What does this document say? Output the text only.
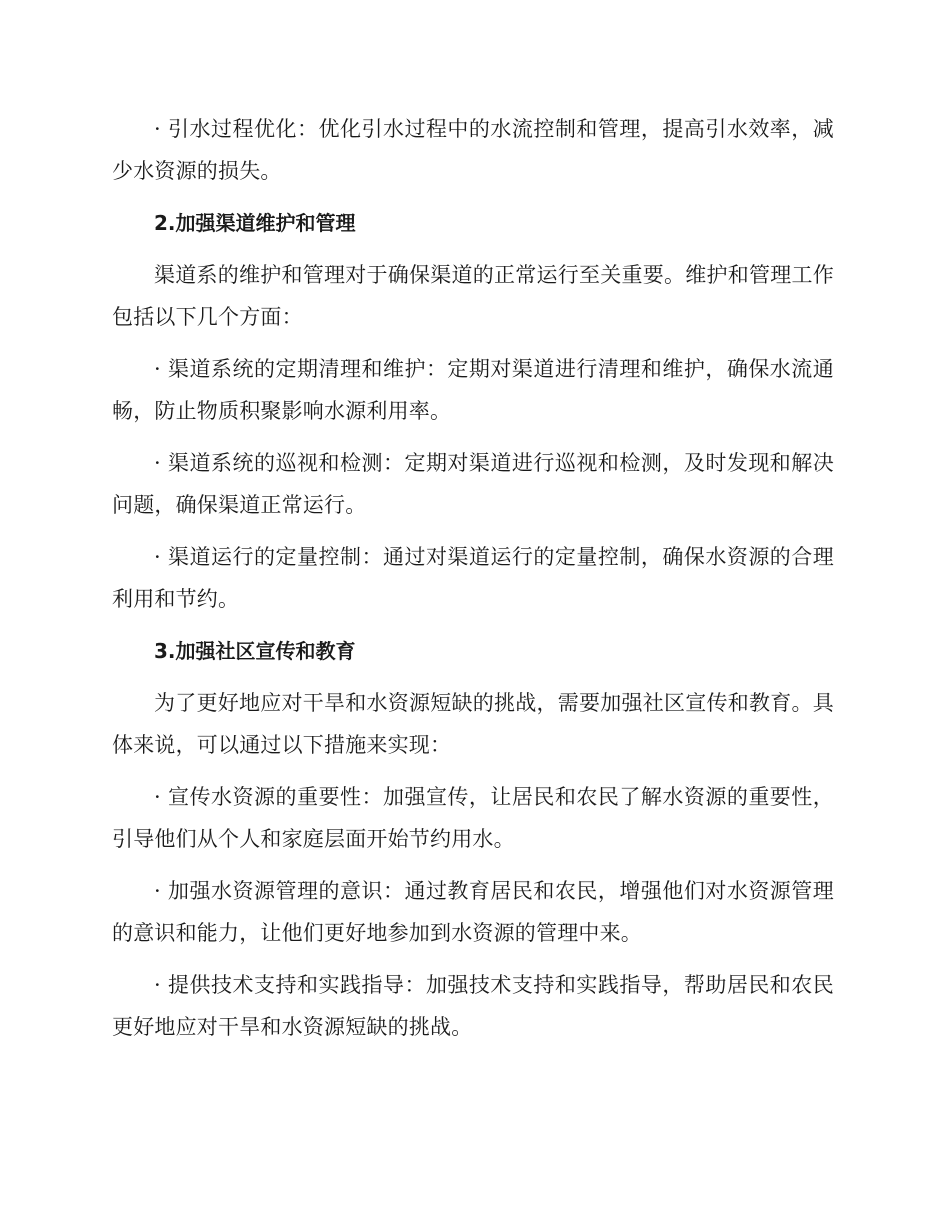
· 引水过程优化：优化引水过程中的水流控制和管理，提高引水效率，减少水资源的损失。

2.加强渠道维护和管理

渠道系的维护和管理对于确保渠道的正常运行至关重要。维护和管理工作包括以下几个方面：

· 渠道系统的定期清理和维护：定期对渠道进行清理和维护，确保水流通畅，防止物质积聚影响水源利用率。

· 渠道系统的巡视和检测：定期对渠道进行巡视和检测，及时发现和解决问题，确保渠道正常运行。

· 渠道运行的定量控制：通过对渠道运行的定量控制，确保水资源的合理利用和节约。

3.加强社区宣传和教育

为了更好地应对干旱和水资源短缺的挑战，需要加强社区宣传和教育。具体来说，可以通过以下措施来实现：

· 宣传水资源的重要性：加强宣传，让居民和农民了解水资源的重要性，引导他们从个人和家庭层面开始节约用水。

· 加强水资源管理的意识：通过教育居民和农民，增强他们对水资源管理的意识和能力，让他们更好地参加到水资源的管理中来。

· 提供技术支持和实践指导：加强技术支持和实践指导，帮助居民和农民更好地应对干旱和水资源短缺的挑战。
